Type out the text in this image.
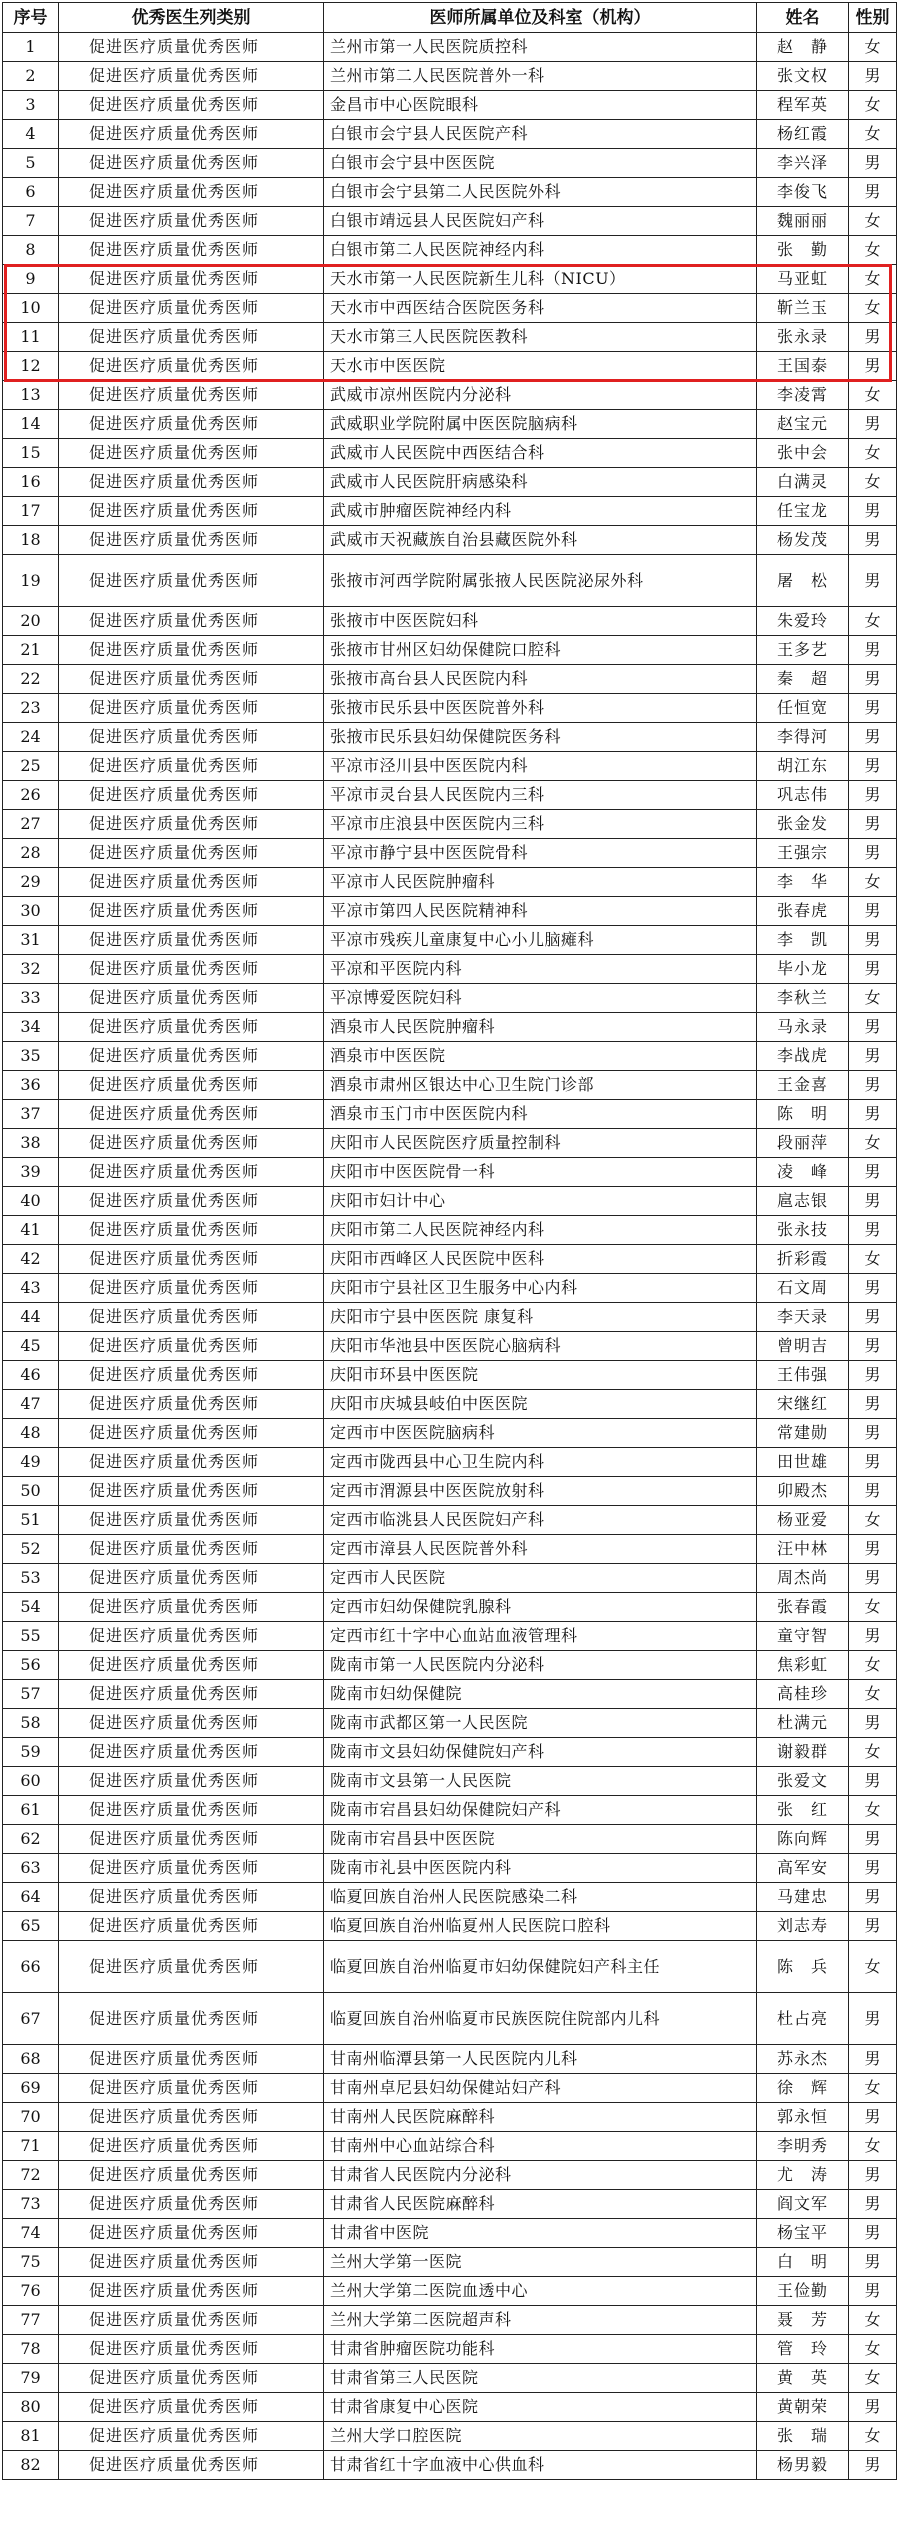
序号	优秀医生列类别	医师所属单位及科室（机构）	姓名	性别
1	促进医疗质量优秀医师	兰州市第一人民医院质控科	赵　静	女
2	促进医疗质量优秀医师	兰州市第二人民医院普外一科	张文权	男
3	促进医疗质量优秀医师	金昌市中心医院眼科	程军英	女
4	促进医疗质量优秀医师	白银市会宁县人民医院产科	杨红霞	女
5	促进医疗质量优秀医师	白银市会宁县中医医院	李兴泽	男
6	促进医疗质量优秀医师	白银市会宁县第二人民医院外科	李俊飞	男
7	促进医疗质量优秀医师	白银市靖远县人民医院妇产科	魏丽丽	女
8	促进医疗质量优秀医师	白银市第二人民医院神经内科	张　勤	女
9	促进医疗质量优秀医师	天水市第一人民医院新生儿科（NICU）	马亚虹	女
10	促进医疗质量优秀医师	天水市中西医结合医院医务科	靳兰玉	女
11	促进医疗质量优秀医师	天水市第三人民医院医教科	张永录	男
12	促进医疗质量优秀医师	天水市中医医院	王国泰	男
13	促进医疗质量优秀医师	武威市凉州医院内分泌科	李凌霄	女
14	促进医疗质量优秀医师	武威职业学院附属中医医院脑病科	赵宝元	男
15	促进医疗质量优秀医师	武威市人民医院中西医结合科	张中会	女
16	促进医疗质量优秀医师	武威市人民医院肝病感染科	白满灵	女
17	促进医疗质量优秀医师	武威市肿瘤医院神经内科	任宝龙	男
18	促进医疗质量优秀医师	武威市天祝藏族自治县藏医院外科	杨发茂	男
19	促进医疗质量优秀医师	张掖市河西学院附属张掖人民医院泌尿外科	屠　松	男
20	促进医疗质量优秀医师	张掖市中医医院妇科	朱爱玲	女
21	促进医疗质量优秀医师	张掖市甘州区妇幼保健院口腔科	王多艺	男
22	促进医疗质量优秀医师	张掖市高台县人民医院内科	秦　超	男
23	促进医疗质量优秀医师	张掖市民乐县中医医院普外科	任恒宽	男
24	促进医疗质量优秀医师	张掖市民乐县妇幼保健院医务科	李得河	男
25	促进医疗质量优秀医师	平凉市泾川县中医医院内科	胡江东	男
26	促进医疗质量优秀医师	平凉市灵台县人民医院内三科	巩志伟	男
27	促进医疗质量优秀医师	平凉市庄浪县中医医院内三科	张金发	男
28	促进医疗质量优秀医师	平凉市静宁县中医医院骨科	王强宗	男
29	促进医疗质量优秀医师	平凉市人民医院肿瘤科	李　华	女
30	促进医疗质量优秀医师	平凉市第四人民医院精神科	张春虎	男
31	促进医疗质量优秀医师	平凉市残疾儿童康复中心小儿脑瘫科	李　凯	男
32	促进医疗质量优秀医师	平凉和平医院内科	毕小龙	男
33	促进医疗质量优秀医师	平凉博爱医院妇科	李秋兰	女
34	促进医疗质量优秀医师	酒泉市人民医院肿瘤科	马永录	男
35	促进医疗质量优秀医师	酒泉市中医医院	李战虎	男
36	促进医疗质量优秀医师	酒泉市肃州区银达中心卫生院门诊部	王金喜	男
37	促进医疗质量优秀医师	酒泉市玉门市中医医院内科	陈　明	男
38	促进医疗质量优秀医师	庆阳市人民医院医疗质量控制科	段丽萍	女
39	促进医疗质量优秀医师	庆阳市中医医院骨一科	凌　峰	男
40	促进医疗质量优秀医师	庆阳市妇计中心	扈志银	男
41	促进医疗质量优秀医师	庆阳市第二人民医院神经内科	张永技	男
42	促进医疗质量优秀医师	庆阳市西峰区人民医院中医科	折彩霞	女
43	促进医疗质量优秀医师	庆阳市宁县社区卫生服务中心内科	石文周	男
44	促进医疗质量优秀医师	庆阳市宁县中医医院 康复科	李天录	男
45	促进医疗质量优秀医师	庆阳市华池县中医医院心脑病科	曾明吉	男
46	促进医疗质量优秀医师	庆阳市环县中医医院	王伟强	男
47	促进医疗质量优秀医师	庆阳市庆城县岐伯中医医院	宋继红	男
48	促进医疗质量优秀医师	定西市中医医院脑病科	常建勋	男
49	促进医疗质量优秀医师	定西市陇西县中心卫生院内科	田世雄	男
50	促进医疗质量优秀医师	定西市渭源县中医医院放射科	卯殿杰	男
51	促进医疗质量优秀医师	定西市临洮县人民医院妇产科	杨亚爱	女
52	促进医疗质量优秀医师	定西市漳县人民医院普外科	汪中林	男
53	促进医疗质量优秀医师	定西市人民医院	周杰尚	男
54	促进医疗质量优秀医师	定西市妇幼保健院乳腺科	张春霞	女
55	促进医疗质量优秀医师	定西市红十字中心血站血液管理科	童守智	男
56	促进医疗质量优秀医师	陇南市第一人民医院内分泌科	焦彩虹	女
57	促进医疗质量优秀医师	陇南市妇幼保健院	高桂珍	女
58	促进医疗质量优秀医师	陇南市武都区第一人民医院	杜满元	男
59	促进医疗质量优秀医师	陇南市文县妇幼保健院妇产科	谢毅群	女
60	促进医疗质量优秀医师	陇南市文县第一人民医院	张爱文	男
61	促进医疗质量优秀医师	陇南市宕昌县妇幼保健院妇产科	张　红	女
62	促进医疗质量优秀医师	陇南市宕昌县中医医院	陈向辉	男
63	促进医疗质量优秀医师	陇南市礼县中医医院内科	高军安	男
64	促进医疗质量优秀医师	临夏回族自治州人民医院感染二科	马建忠	男
65	促进医疗质量优秀医师	临夏回族自治州临夏州人民医院口腔科	刘志寿	男
66	促进医疗质量优秀医师	临夏回族自治州临夏市妇幼保健院妇产科主任	陈　兵	女
67	促进医疗质量优秀医师	临夏回族自治州临夏市民族医院住院部内儿科	杜占亮	男
68	促进医疗质量优秀医师	甘南州临潭县第一人民医院内儿科	苏永杰	男
69	促进医疗质量优秀医师	甘南州卓尼县妇幼保健站妇产科	徐　辉	女
70	促进医疗质量优秀医师	甘南州人民医院麻醉科	郭永恒	男
71	促进医疗质量优秀医师	甘南州中心血站综合科	李明秀	女
72	促进医疗质量优秀医师	甘肃省人民医院内分泌科	尤　涛	男
73	促进医疗质量优秀医师	甘肃省人民医院麻醉科	阎文军	男
74	促进医疗质量优秀医师	甘肃省中医院	杨宝平	男
75	促进医疗质量优秀医师	兰州大学第一医院	白　明	男
76	促进医疗质量优秀医师	兰州大学第二医院血透中心	王俭勤	男
77	促进医疗质量优秀医师	兰州大学第二医院超声科	聂　芳	女
78	促进医疗质量优秀医师	甘肃省肿瘤医院功能科	管　玲	女
79	促进医疗质量优秀医师	甘肃省第三人民医院	黄　英	女
80	促进医疗质量优秀医师	甘肃省康复中心医院	黄朝荣	男
81	促进医疗质量优秀医师	兰州大学口腔医院	张　瑞	女
82	促进医疗质量优秀医师	甘肃省红十字血液中心供血科	杨男毅	男
